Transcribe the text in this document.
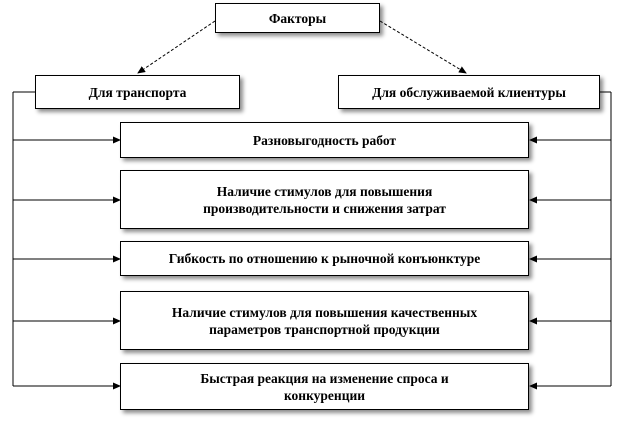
Факторы
Для транспорта	Для обслуживаемой клиентуры
Разновыгодность работ
Наличие стимулов для повышения
производительности и снижения затрат
Гибкость по отношению к рыночной конъюнктуре
Наличие стимулов для повышения качественных
параметров транспортной продукции
Быстрая реакция на изменение спроса и
конкуренции
